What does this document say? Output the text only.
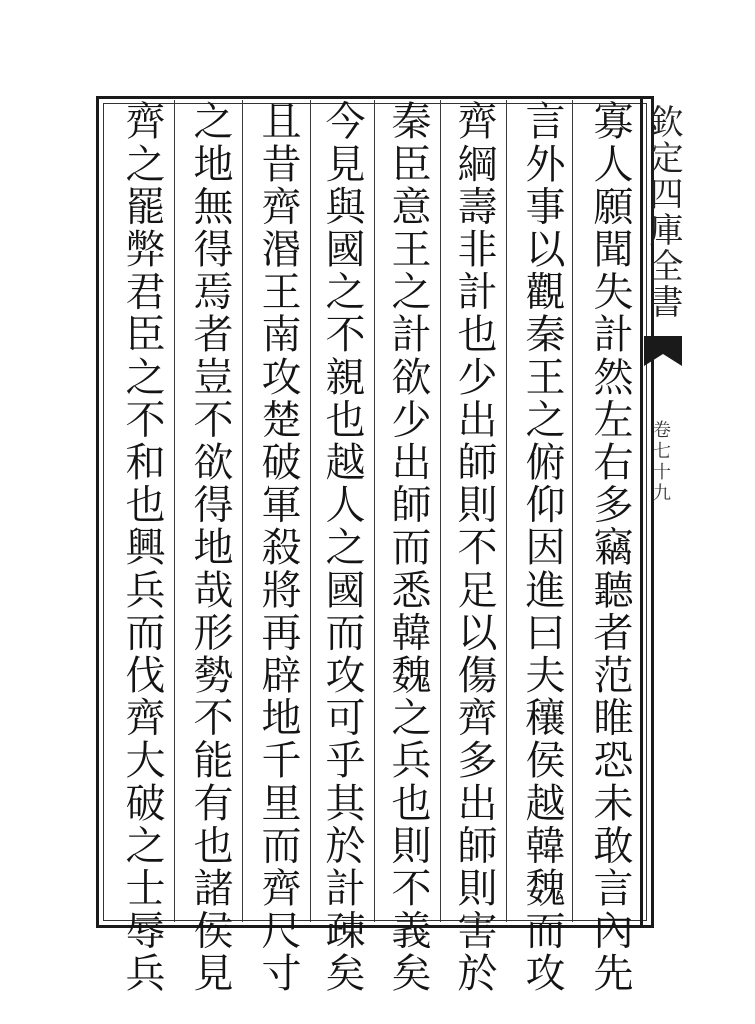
欽定四庫全書
卷七十九
寡人願聞失計然左右多竊聽者范睢恐未敢言內先
言外事以觀秦王之俯仰因進曰夫穰侯越韓魏而攻
齊綱壽非計也少出師則不足以傷齊多出師則害於
秦臣意王之計欲少出師而悉韓魏之兵也則不義矣
今見與國之不親也越人之國而攻可乎其於計疎矣
且昔齊湣王南攻楚破軍殺將再辟地千里而齊尺寸
之地無得焉者豈不欲得地哉形勢不能有也諸侯見
齊之罷弊君臣之不和也興兵而伐齊大破之士辱兵
